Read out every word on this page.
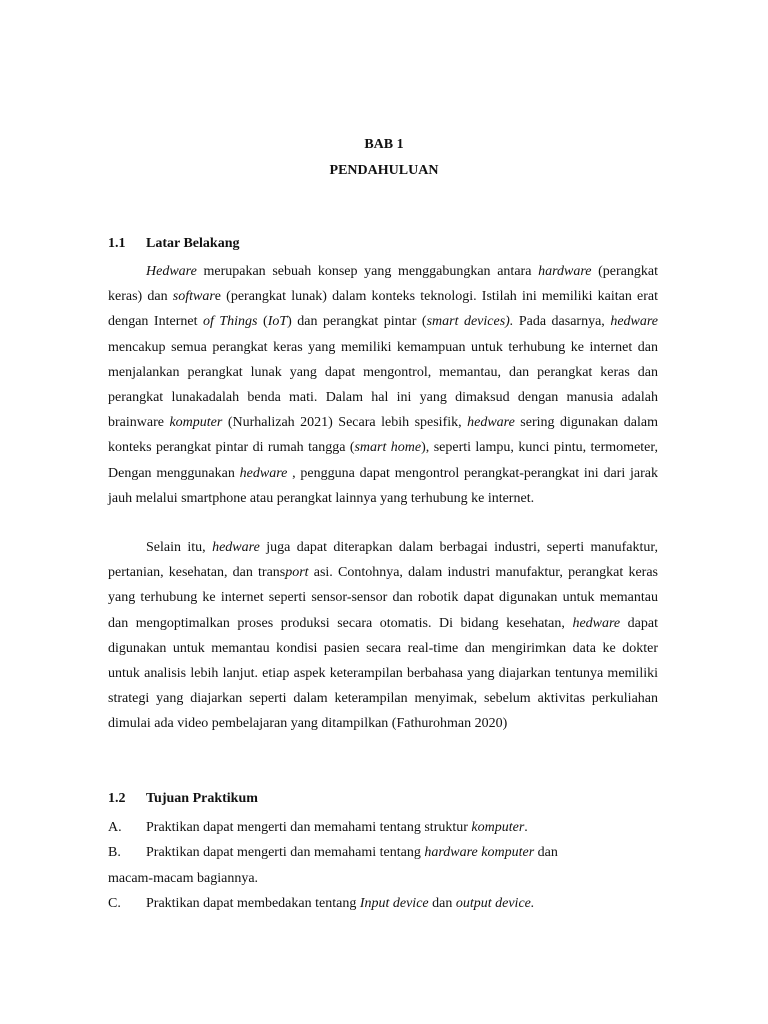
BAB 1
PENDAHULUAN
1.1 Latar Belakang

Hedware merupakan sebuah konsep yang menggabungkan antara hardware (perangkat keras) dan software (perangkat lunak) dalam konteks teknologi. Istilah ini memiliki kaitan erat dengan Internet of Things (IoT) dan perangkat pintar (smart devices). Pada dasarnya, hedware mencakup semua perangkat keras yang memiliki kemampuan untuk terhubung ke internet dan menjalankan perangkat lunak yang dapat mengontrol, memantau, dan perangkat keras dan perangkat lunakadalah benda mati. Dalam hal ini yang dimaksud dengan manusia adalah brainware komputer (Nurhalizah 2021) Secara lebih spesifik, hedware sering digunakan dalam konteks perangkat pintar di rumah tangga (smart home), seperti lampu, kunci pintu, termometer, Dengan menggunakan hedware , pengguna dapat mengontrol perangkat-perangkat ini dari jarak jauh melalui smartphone atau perangkat lainnya yang terhubung ke internet.

Selain itu, hedware juga dapat diterapkan dalam berbagai industri, seperti manufaktur, pertanian, kesehatan, dan transport asi. Contohnya, dalam industri manufaktur, perangkat keras yang terhubung ke internet seperti sensor-sensor dan robotik dapat digunakan untuk memantau dan mengoptimalkan proses produksi secara otomatis. Di bidang kesehatan, hedware dapat digunakan untuk memantau kondisi pasien secara real-time dan mengirimkan data ke dokter untuk analisis lebih lanjut. etiap aspek keterampilan berbahasa yang diajarkan tentunya memiliki strategi yang diajarkan seperti dalam keterampilan menyimak, sebelum aktivitas perkuliahan dimulai ada video pembelajaran yang ditampilkan (Fathurohman 2020)

1.2 Tujuan Praktikum
A. Praktikan dapat mengerti dan memahami tentang struktur komputer.
B. Praktikan dapat mengerti dan memahami tentang hardware komputer dan
macam-macam bagiannya.
C. Praktikan dapat membedakan tentang Input device dan output device.
